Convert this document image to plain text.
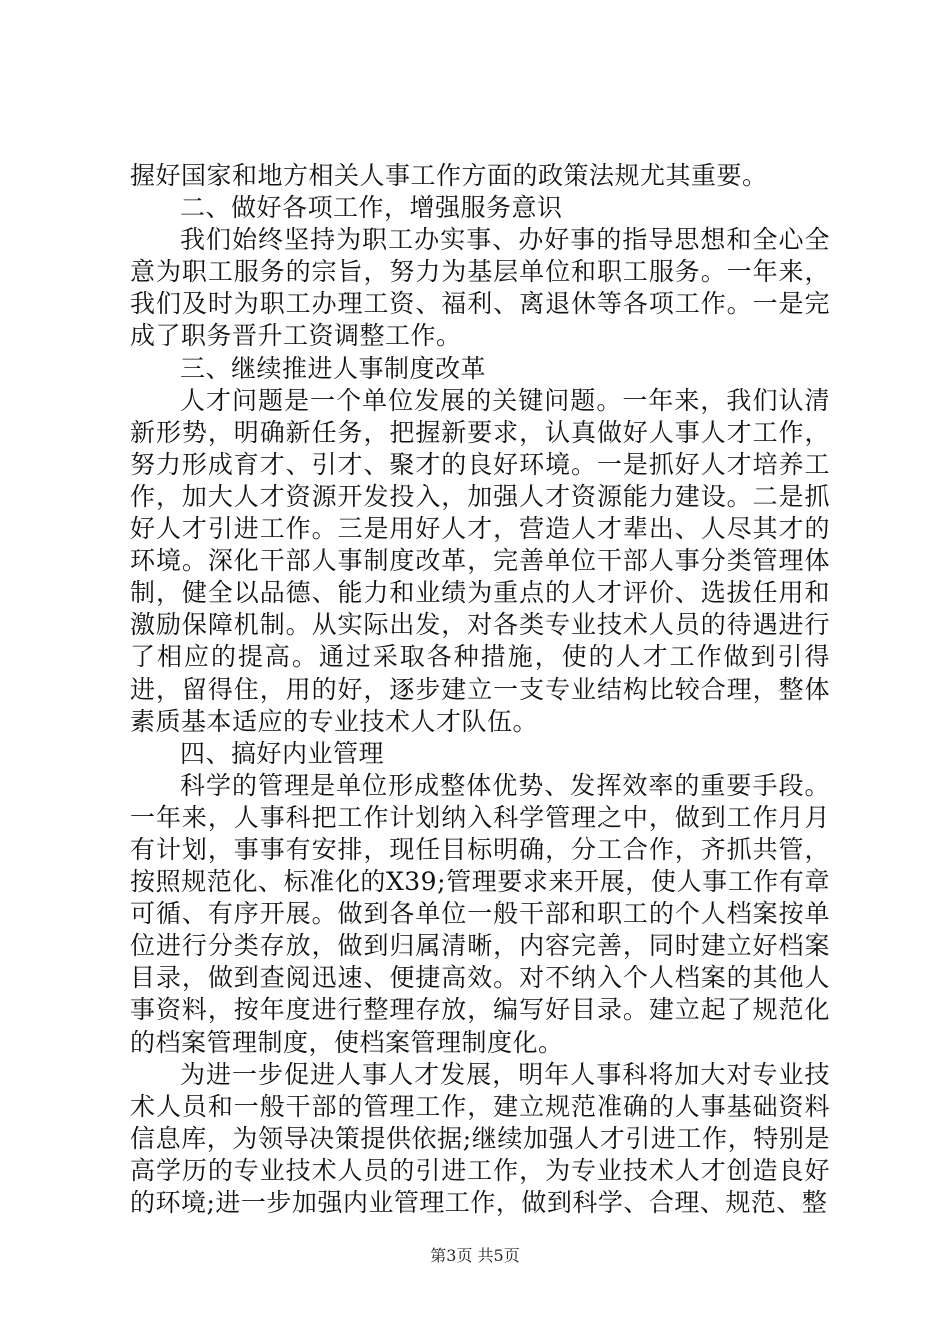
握好国家和地方相关人事工作方面的政策法规尤其重要。

二、做好各项工作，增强服务意识

我们始终坚持为职工办实事、办好事的指导思想和全心全意为职工服务的宗旨，努力为基层单位和职工服务。一年来，我们及时为职工办理工资、福利、离退休等各项工作。一是完成了职务晋升工资调整工作。

三、继续推进人事制度改革

人才问题是一个单位发展的关键问题。一年来，我们认清新形势，明确新任务，把握新要求，认真做好人事人才工作，努力形成育才、引才、聚才的良好环境。一是抓好人才培养工作，加大人才资源开发投入，加强人才资源能力建设。二是抓好人才引进工作。三是用好人才，营造人才辈出、人尽其才的环境。深化干部人事制度改革，完善单位干部人事分类管理体制，健全以品德、能力和业绩为重点的人才评价、选拔任用和激励保障机制。从实际出发，对各类专业技术人员的待遇进行了相应的提高。通过采取各种措施，使的人才工作做到引得进，留得住，用的好，逐步建立一支专业结构比较合理，整体素质基本适应的专业技术人才队伍。

四、搞好内业管理

科学的管理是单位形成整体优势、发挥效率的重要手段。一年来，人事科把工作计划纳入科学管理之中，做到工作月月有计划，事事有安排，现任目标明确，分工合作，齐抓共管，按照规范化、标准化的X39;管理要求来开展，使人事工作有章可循、有序开展。做到各单位一般干部和职工的个人档案按单位进行分类存放，做到归属清晰，内容完善，同时建立好档案目录，做到查阅迅速、便捷高效。对不纳入个人档案的其他人事资料，按年度进行整理存放，编写好目录。建立起了规范化的档案管理制度，使档案管理制度化。

为进一步促进人事人才发展，明年人事科将加大对专业技术人员和一般干部的管理工作，建立规范准确的人事基础资料信息库，为领导决策提供依据;继续加强人才引进工作，特别是高学历的专业技术人员的引进工作，为专业技术人才创造良好的环境;进一步加强内业管理工作，做到科学、合理、规范、整

第3页 共5页
